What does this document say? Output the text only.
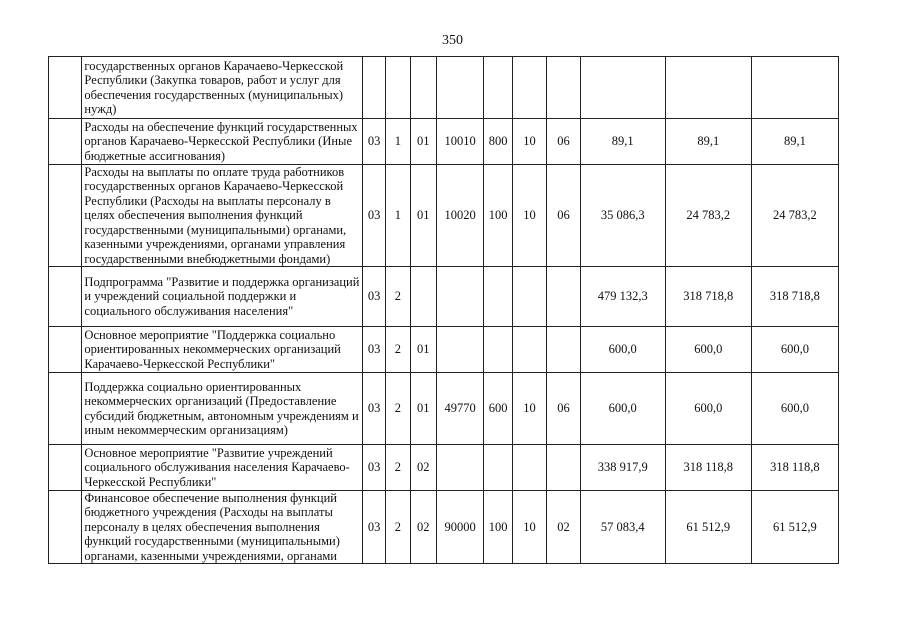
350
	государственных органов Карачаево-Черкесской Республики (Закупка товаров, работ и услуг для обеспечения государственных (муниципальных) нужд)										
	Расходы на обеспечение функций государственных органов Карачаево-Черкесской Республики (Иные бюджетные ассигнования)	03	1	01	10010	800	10	06	89,1	89,1	89,1
	Расходы на выплаты по оплате труда работников государственных органов Карачаево-Черкесской Республики (Расходы на выплаты персоналу в целях обеспечения выполнения функций государственными (муниципальными) органами, казенными учреждениями, органами управления государственными внебюджетными фондами)	03	1	01	10020	100	10	06	35 086,3	24 783,2	24 783,2
	Подпрограмма "Развитие и поддержка организаций и учреждений социальной поддержки и социального обслуживания населения"	03	2						479 132,3	318 718,8	318 718,8
	Основное мероприятие "Поддержка социально ориентированных некоммерческих организаций Карачаево-Черкесской Республики"	03	2	01					600,0	600,0	600,0
	Поддержка социально ориентированных некоммерческих организаций (Предоставление субсидий бюджетным, автономным учреждениям и иным некоммерческим организациям)	03	2	01	49770	600	10	06	600,0	600,0	600,0
	Основное мероприятие "Развитие учреждений социального обслуживания населения Карачаево-Черкесской Республики"	03	2	02					338 917,9	318 118,8	318 118,8
	Финансовое обеспечение выполнения функций бюджетного учреждения (Расходы на выплаты персоналу в целях обеспечения выполнения функций государственными (муниципальными) органами, казенными учреждениями, органами	03	2	02	90000	100	10	02	57 083,4	61 512,9	61 512,9
